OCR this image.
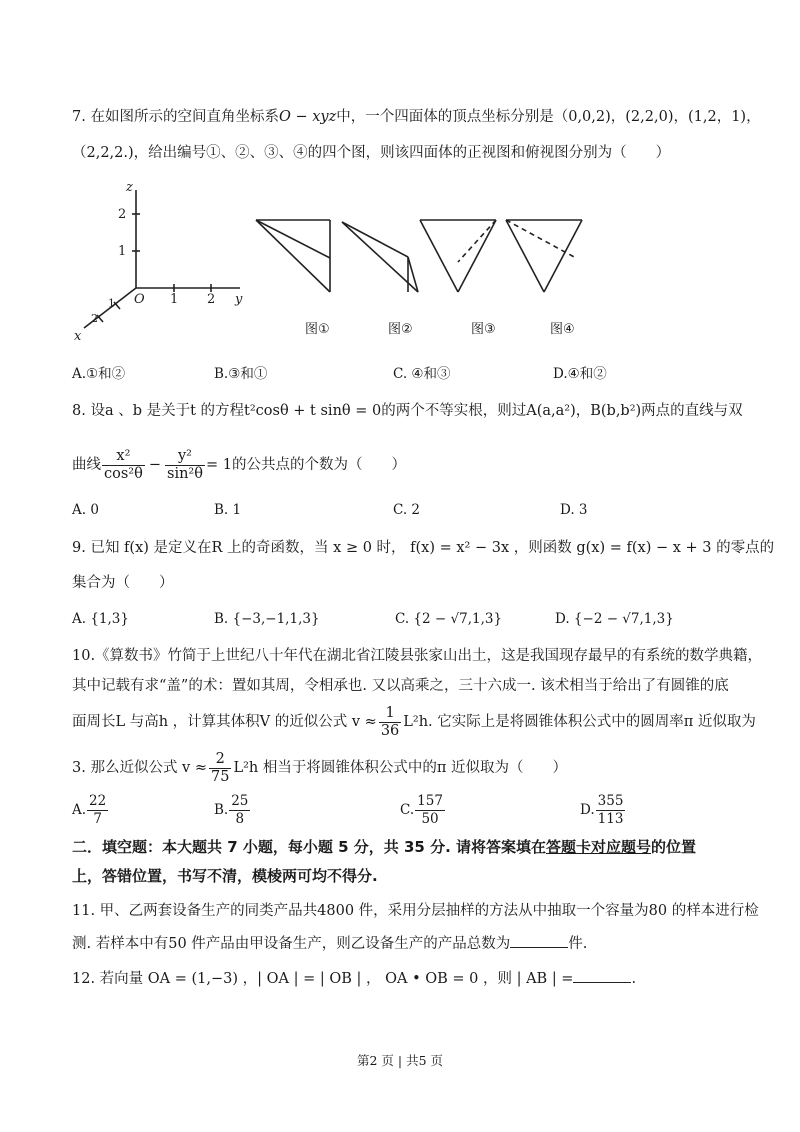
7. 在如图所示的空间直角坐标系O − xyz中，一个四面体的顶点坐标分别是（0,0,2)，(2,2,0)，(1,2，1)，
（2,2,2.)，给出编号①、②、③、④的四个图，则该四面体的正视图和俯视图分别为（　　）
z
2
1
O 1 2 y
1
2
x	图①	图②	图③	图④
A.①和②	B.③和①	C. ④和③	D.④和②
8. 设a 、b 是关于t 的方程t²cosθ + t sinθ = 0的两个不等实根，则过A(a,a²)，B(b,b²)两点的直线与双
曲线 $\frac{\text{x²}}{\text{cos²θ}} - \frac{\text{y²}}{\text{sin²θ}} = 1$的公共点的个数为（　　）
A. 0	B. 1	C. 2	D. 3
9. 已知 f(x) 是定义在R 上的奇函数，当 x ≥ 0 时， f(x) = x² − 3x ，则函数 g(x) = f(x) − x + 3 的零点的
集合为（　　）
A. {1,3}	B. {−3,−1,1,3}	C. {2 − √7,1,3}	D. {−2 − √7,1,3}
10.《算数书》竹简于上世纪八十年代在湖北省江陵县张家山出土，这是我国现存最早的有系统的数学典籍，
其中记载有求“盖”的术：置如其周，令相承也. 又以高乘之，三十六成一. 该术相当于给出了有圆锥的底
面周长L 与高h ，计算其体积V 的近似公式 $v \approx \frac{1}{36} L^2h$. 它实际上是将圆锥体积公式中的圆周率π 近似取为
3. 那么近似公式 $v \approx \frac{2}{75} L^2h$ 相当于将圆锥体积公式中的π 近似取为（　　）
A. $\frac{22}{7}$	B. $\frac{25}{8}$	C. $\frac{157}{50}$	D. $\frac{355}{113}$
二．填空题：本大题共 7 小题，每小题 5 分，共 35 分. 请将答案填在答题卡对应题号的位置
上，答错位置，书写不清，模棱两可均不得分.
11. 甲、乙两套设备生产的同类产品共4800 件，采用分层抽样的方法从中抽取一个容量为80 的样本进行检
测. 若样本中有50 件产品由甲设备生产，则乙设备生产的产品总数为	件.
12. 若向量 OA = (1,−3) ，| OA | = | OB | ， OA • OB = 0 ，则 | AB | =	.
第2 页 | 共5 页
